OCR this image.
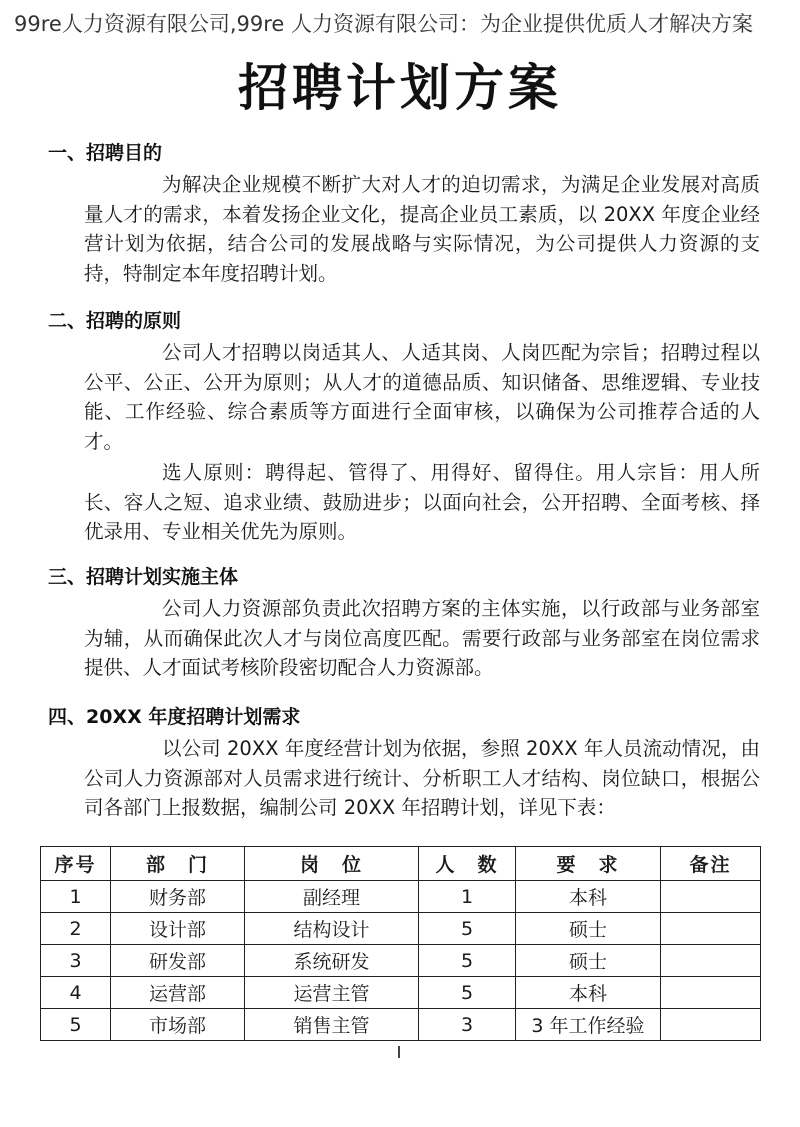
99re人力资源有限公司,99re 人力资源有限公司：为企业提供优质人才解决方案
招聘计划方案
一、招聘目的

为解决企业规模不断扩大对人才的迫切需求，为满足企业发展对高质量人才的需求，本着发扬企业文化，提高企业员工素质，以 20XX 年度企业经营计划为依据，结合公司的发展战略与实际情况，为公司提供人力资源的支持，特制定本年度招聘计划。

二、招聘的原则

公司人才招聘以岗适其人、人适其岗、人岗匹配为宗旨；招聘过程以公平、公正、公开为原则；从人才的道德品质、知识储备、思维逻辑、专业技能、工作经验、综合素质等方面进行全面审核，以确保为公司推荐合适的人才。

选人原则：聘得起、管得了、用得好、留得住。用人宗旨：用人所长、容人之短、追求业绩、鼓励进步；以面向社会，公开招聘、全面考核、择优录用、专业相关优先为原则。

三、招聘计划实施主体

公司人力资源部负责此次招聘方案的主体实施，以行政部与业务部室为辅，从而确保此次人才与岗位高度匹配。需要行政部与业务部室在岗位需求提供、人才面试考核阶段密切配合人力资源部。

四、20XX 年度招聘计划需求

以公司 20XX 年度经营计划为依据，参照 20XX 年人员流动情况，由公司人力资源部对人员需求进行统计、分析职工人才结构、岗位缺口，根据公司各部门上报数据，编制公司 20XX 年招聘计划，详见下表：

序号	部　门	岗　位	人　数	要　求	备注
1	财务部	副经理	1	本科	
2	设计部	结构设计	5	硕士	
3	研发部	系统研发	5	硕士	
4	运营部	运营主管	5	本科	
5	市场部	销售主管	3	3 年工作经验	
